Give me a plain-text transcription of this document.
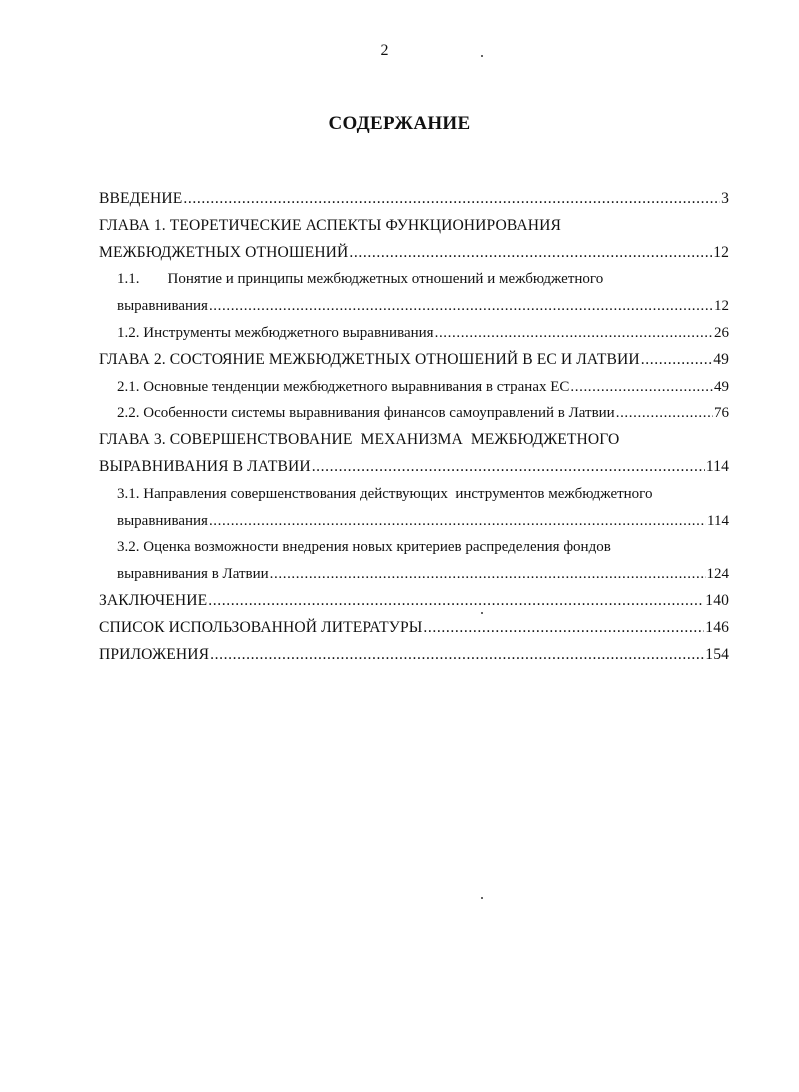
2
СОДЕРЖАНИЕ
ВВЕДЕНИЕ .....	3
ГЛАВА 1. ТЕОРЕТИЧЕСКИЕ АСПЕКТЫ ФУНКЦИОНИРОВАНИЯ
МЕЖБЮДЖЕТНЫХ ОТНОШЕНИЙ .....	12
1.1. Понятие и принципы межбюджетных отношений и межбюджетного
выравнивания .....	12
1.2. Инструменты межбюджетного выравнивания .....	26
ГЛАВА 2. СОСТОЯНИЕ МЕЖБЮДЖЕТНЫХ ОТНОШЕНИЙ В ЕС И ЛАТВИИ .....	49
2.1. Основные тенденции межбюджетного выравнивания в странах ЕС .....	49
2.2. Особенности системы выравнивания финансов самоуправлений в Латвии .....	76
ГЛАВА 3. СОВЕРШЕНСТВОВАНИЕ  МЕХАНИЗМА  МЕЖБЮДЖЕТНОГО
ВЫРАВНИВАНИЯ В ЛАТВИИ .....	114
3.1. Направления совершенствования действующих  инструментов межбюджетного
выравнивания .....	114
3.2. Оценка возможности внедрения новых критериев распределения фондов
выравнивания в Латвии .....	124
ЗАКЛЮЧЕНИЕ .....	140
СПИСОК ИСПОЛЬЗОВАННОЙ ЛИТЕРАТУРЫ .....	146
ПРИЛОЖЕНИЯ .....	154
